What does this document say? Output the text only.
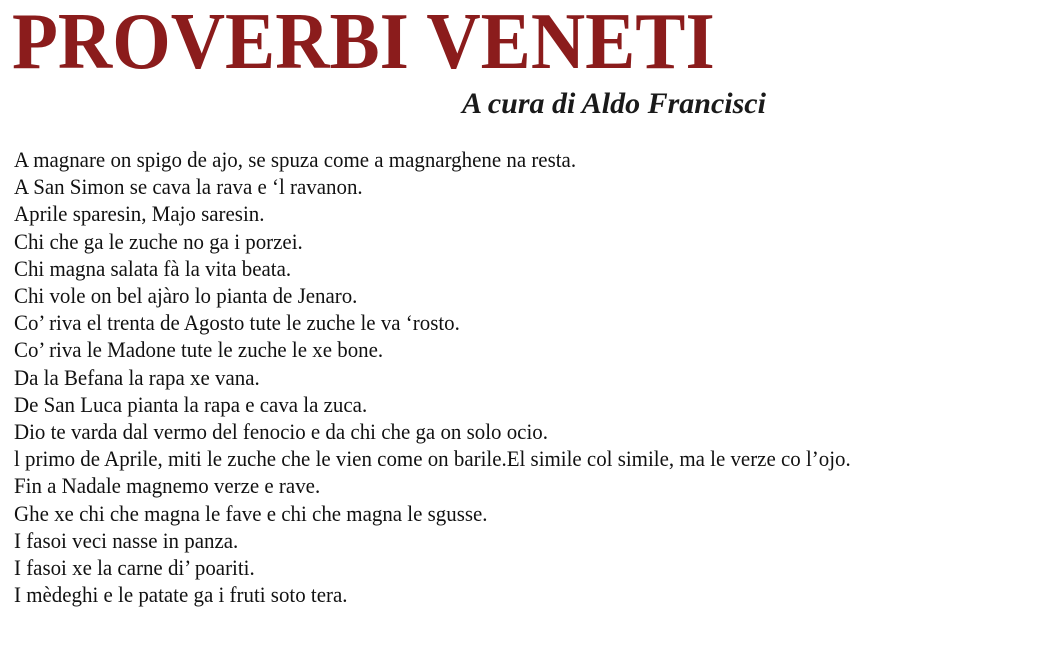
PROVERBI VENETI
A cura di Aldo Francisci
A magnare on spigo de ajo, se spuza come a magnarghene na resta.
A San Simon se cava la rava e ‘l ravanon.
Aprile sparesin, Majo saresin.
Chi che ga le zuche no ga i porzei.
Chi magna salata fà la vita beata.
Chi vole on bel ajàro lo pianta de Jenaro.
Co’ riva el trenta de Agosto tute le zuche le va ‘rosto.
Co’ riva le Madone tute le zuche le xe bone.
Da la Befana la rapa xe vana.
De San Luca pianta la rapa e cava la zuca.
Dio te varda dal vermo del fenocio e da chi che ga on solo ocio.
l primo de Aprile, miti le zuche che le vien come on barile.El simile col simile, ma le verze co l’ojo.
Fin a Nadale magnemo verze e rave.
Ghe xe chi che magna le fave e chi che magna le sgusse.
I fasoi veci nasse in panza.
I fasoi xe la carne di’ poariti.
I mèdeghi e le patate ga i fruti soto tera.
